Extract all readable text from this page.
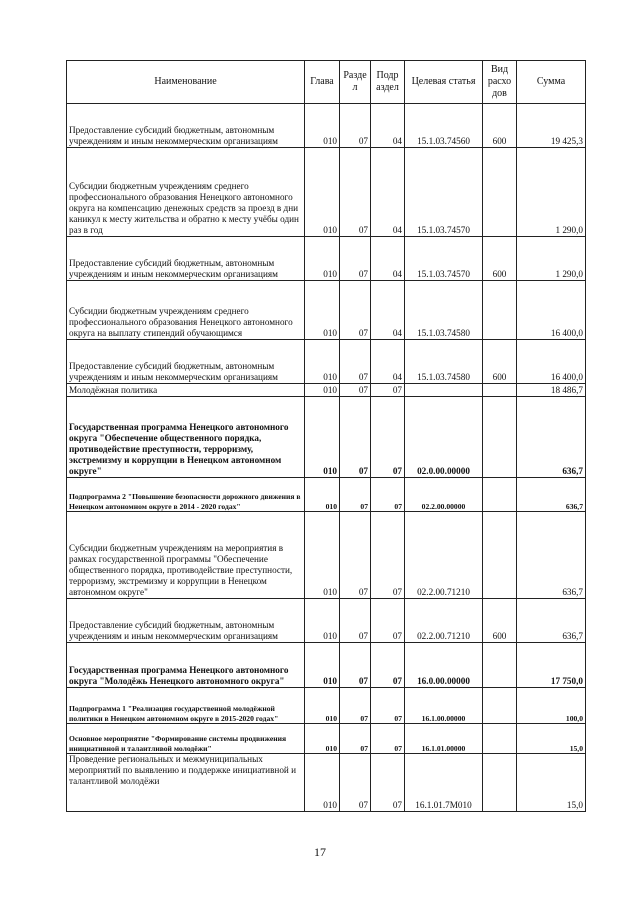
Наименование	Глава	Разде л	Подр аздел	Целевая статья	Вид расхо дов	Сумма
Предоставление субсидий бюджетным, автономным учреждениям и иным некоммерческим организациям	010	07	04	15.1.03.74560	600	19 425,3
Субсидии бюджетным учреждениям среднего профессионального образования Ненецкого автономного округа на компенсацию денежных средств за проезд в дни каникул к месту жительства и обратно к месту учёбы один раз в год	010	07	04	15.1.03.74570		1 290,0
Предоставление субсидий бюджетным, автономным учреждениям и иным некоммерческим организациям	010	07	04	15.1.03.74570	600	1 290,0
Субсидии бюджетным учреждениям среднего профессионального образования Ненецкого автономного округа на выплату стипендий обучающимся	010	07	04	15.1.03.74580		16 400,0
Предоставление субсидий бюджетным, автономным учреждениям и иным некоммерческим организациям	010	07	04	15.1.03.74580	600	16 400,0
Молодёжная политика	010	07	07			18 486,7
Государственная программа Ненецкого автономного округа "Обеспечение общественного порядка, противодействие преступности, терроризму, экстремизму и коррупции в Ненецком автономном округе"	010	07	07	02.0.00.00000		636,7
Подпрограмма 2 "Повышение безопасности дорожного движения в Ненецком автономном округе в 2014 - 2020 годах"	010	07	07	02.2.00.00000		636,7
Субсидии бюджетным учреждениям на мероприятия в рамках государственной программы "Обеспечение общественного порядка, противодействие преступности, терроризму, экстремизму и коррупции в Ненецком автономном округе"	010	07	07	02.2.00.71210		636,7
Предоставление субсидий бюджетным, автономным учреждениям и иным некоммерческим организациям	010	07	07	02.2.00.71210	600	636,7
Государственная программа Ненецкого автономного округа "Молодёжь Ненецкого автономного округа"	010	07	07	16.0.00.00000		17 750,0
Подпрограмма 1 "Реализация государственной молодёжной политики в Ненецком автономном округе в 2015-2020 годах"	010	07	07	16.1.00.00000		100,0
Основное мероприятие "Формирование системы продвижения инициативной и талантливой молодёжи"	010	07	07	16.1.01.00000		15,0
Проведение региональных и межмуниципальных мероприятий по выявлению и поддержке инициативной и талантливой молодёжи	010	07	07	16.1.01.7М010		15,0
17
